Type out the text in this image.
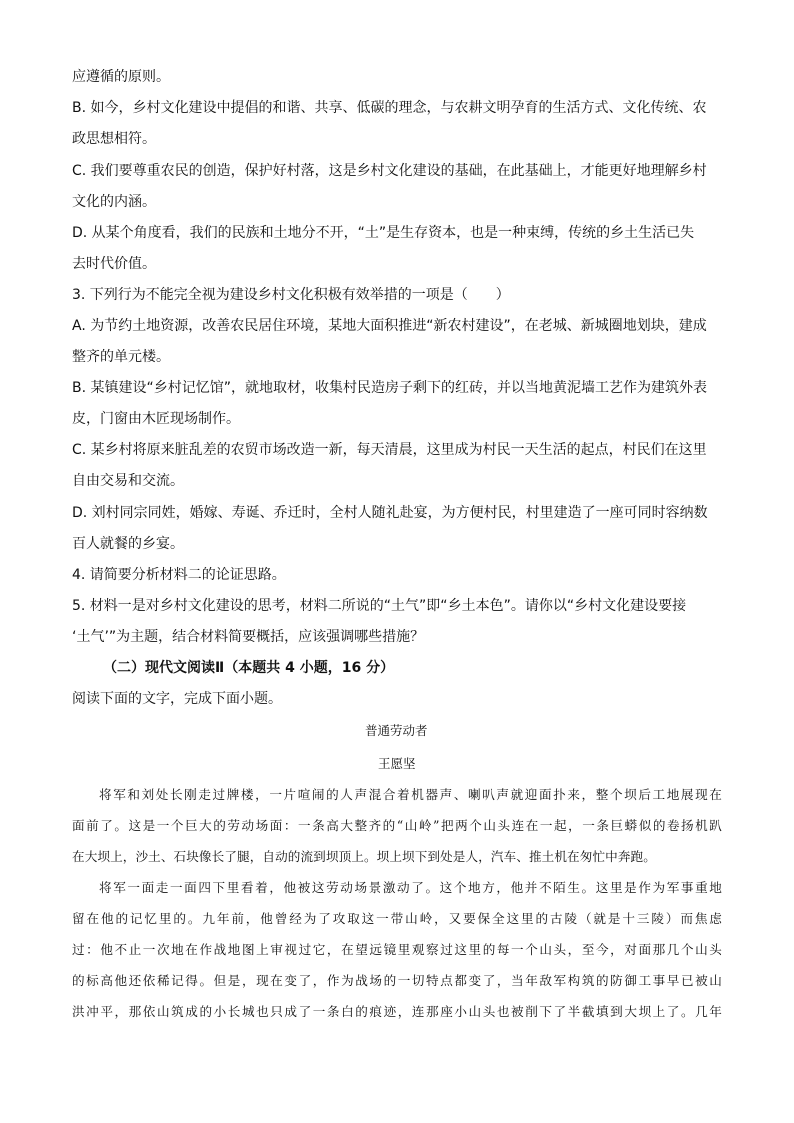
应遵循的原则。
B. 如今，乡村文化建设中提倡的和谐、共享、低碳的理念，与农耕文明孕育的生活方式、文化传统、农
政思想相符。
C. 我们要尊重农民的创造，保护好村落，这是乡村文化建设的基础，在此基础上，才能更好地理解乡村
文化的内涵。
D. 从某个角度看，我们的民族和土地分不开，“土”是生存资本，也是一种束缚，传统的乡土生活已失
去时代价值。
3. 下列行为不能完全视为建设乡村文化积极有效举措的一项是（　　）
A. 为节约土地资源，改善农民居住环境，某地大面积推进“新农村建设”，在老城、新城圈地划块，建成
整齐的单元楼。
B. 某镇建设“乡村记忆馆”，就地取材，收集村民造房子剩下的红砖，并以当地黄泥墙工艺作为建筑外表
皮，门窗由木匠现场制作。
C. 某乡村将原来脏乱差的农贸市场改造一新，每天清晨，这里成为村民一天生活的起点，村民们在这里
自由交易和交流。
D. 刘村同宗同姓，婚嫁、寿诞、乔迁时，全村人随礼赴宴，为方便村民，村里建造了一座可同时容纳数
百人就餐的乡宴。
4. 请简要分析材料二的论证思路。
5. 材料一是对乡村文化建设的思考，材料二所说的“土气”即“乡土本色”。请你以“乡村文化建设要接
‘土气’”为主题，结合材料简要概括，应该强调哪些措施？
（二）现代文阅读Ⅱ（本题共 4 小题，16 分）
阅读下面的文字，完成下面小题。
普通劳动者
王愿坚
将军和刘处长刚走过牌楼，一片喧闹的人声混合着机器声、喇叭声就迎面扑来，整个坝后工地展现在
面前了。这是一个巨大的劳动场面：一条高大整齐的“山岭”把两个山头连在一起，一条巨蟒似的卷扬机趴
在大坝上，沙土、石块像长了腿，自动的流到坝顶上。坝上坝下到处是人，汽车、推土机在匆忙中奔跑。
将军一面走一面四下里看着，他被这劳动场景激动了。这个地方，他并不陌生。这里是作为军事重地
留在他的记忆里的。九年前，他曾经为了攻取这一带山岭，又要保全这里的古陵（就是十三陵）而焦虑
过：他不止一次地在作战地图上审视过它，在望远镜里观察过这里的每一个山头，至今，对面那几个山头
的标高他还依稀记得。但是，现在变了，作为战场的一切特点都变了，当年敌军构筑的防御工事早已被山
洪冲平，那依山筑成的小长城也只成了一条白的痕迹，连那座小山头也被削下了半截填到大坝上了。几年
